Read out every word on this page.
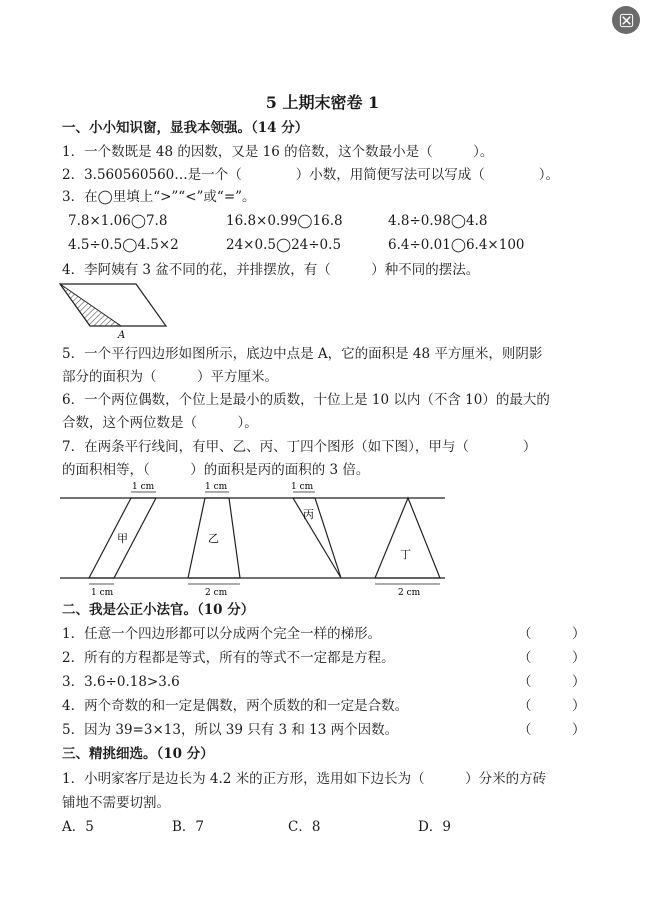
5 上期末密卷 1
一、小小知识窗，显我本领强。（14 分）
1．一个数既是 48 的因数，又是 16 的倍数，这个数最小是（　　　）。
2．3.560560560…是一个（　　　　）小数，用简便写法可以写成（　　　　）。
3．在◯里填上“>”“<”或“=”。
7.8×1.06◯7.8	16.8×0.99◯16.8	4.8÷0.98◯4.8
4.5÷0.5◯4.5×2	24×0.5◯24÷0.5	6.4÷0.01◯6.4×100
4．李阿姨有 3 盆不同的花，并排摆放，有（　　　）种不同的摆法。
A
5．一个平行四边形如图所示，底边中点是 A，它的面积是 48 平方厘米，则阴影
部分的面积为（　　　）平方厘米。
6．一个两位偶数，个位上是最小的质数，十位上是 10 以内（不含 10）的最大的
合数，这个两位数是（　　　）。
7．在两条平行线间，有甲、乙、丙、丁四个图形（如下图），甲与（　　　　）
的面积相等，（　　　）的面积是丙的面积的 3 倍。
1 cm	1 cm	1 cm
1 cm	2 cm	2 cm
甲	乙
丙
丁
二、我是公正小法官。（10 分）
1．任意一个四边形都可以分成两个完全一样的梯形。	（　　　）
2．所有的方程都是等式，所有的等式不一定都是方程。	（　　　）
3．3.6÷0.18>3.6	（　　　）
4．两个奇数的和一定是偶数，两个质数的和一定是合数。	（　　　）
5．因为 39=3×13，所以 39 只有 3 和 13 两个因数。	（　　　）
三、精挑细选。（10 分）
1．小明家客厅是边长为 4.2 米的正方形，选用如下边长为（　　　）分米的方砖
铺地不需要切割。
A．5	B．7	C．8	D．9
